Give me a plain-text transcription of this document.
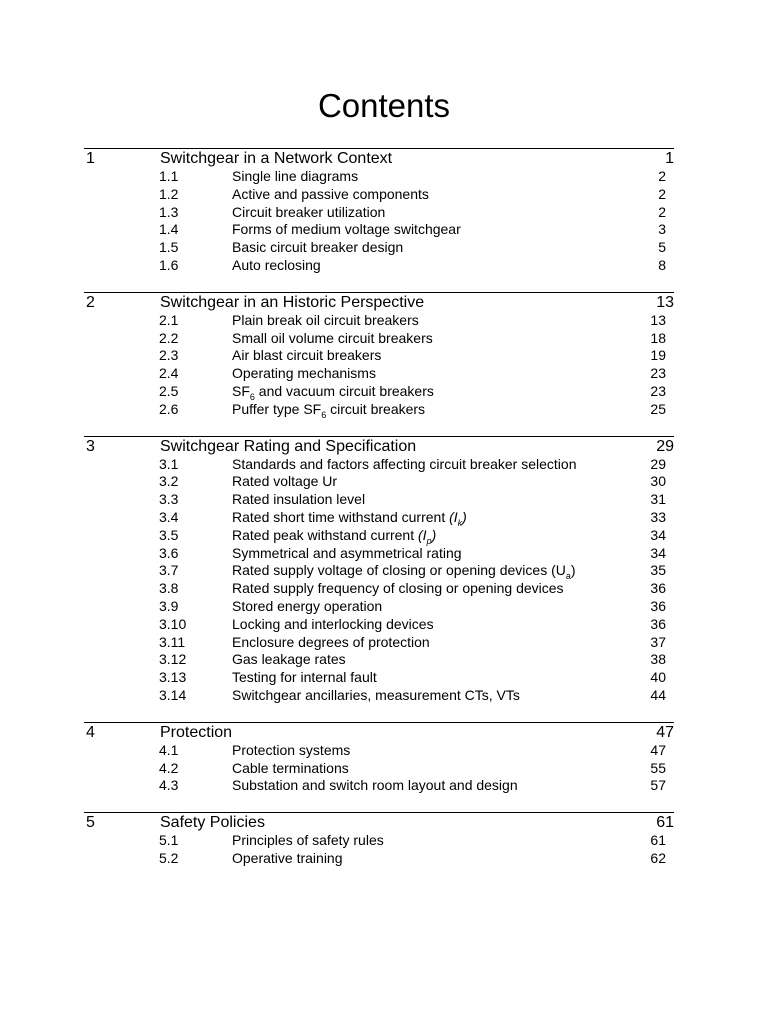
Contents
1	Switchgear in a Network Context	1
1.1	Single line diagrams	2
1.2	Active and passive components	2
1.3	Circuit breaker utilization	2
1.4	Forms of medium voltage switchgear	3
1.5	Basic circuit breaker design	5
1.6	Auto reclosing	8
2	Switchgear in an Historic Perspective	13
2.1	Plain break oil circuit breakers	13
2.2	Small oil volume circuit breakers	18
2.3	Air blast circuit breakers	19
2.4	Operating mechanisms	23
2.5	$SF_6$ and vacuum circuit breakers	23
2.6	Puffer type $SF_6$ circuit breakers	25
3	Switchgear Rating and Specification	29
3.1	Standards and factors affecting circuit breaker selection	29
3.2	Rated voltage Ur	30
3.3	Rated insulation level	31
3.4	Rated short time withstand current $(I_k)$	33
3.5	Rated peak withstand current $(I_p)$	34
3.6	Symmetrical and asymmetrical rating	34
3.7	Rated supply voltage of closing or opening devices $(U_a)$	35
3.8	Rated supply frequency of closing or opening devices	36
3.9	Stored energy operation	36
3.10	Locking and interlocking devices	36
3.11	Enclosure degrees of protection	37
3.12	Gas leakage rates	38
3.13	Testing for internal fault	40
3.14	Switchgear ancillaries, measurement CTs, VTs	44
4	Protection	47
4.1	Protection systems	47
4.2	Cable terminations	55
4.3	Substation and switch room layout and design	57
5	Safety Policies	61
5.1	Principles of safety rules	61
5.2	Operative training	62
